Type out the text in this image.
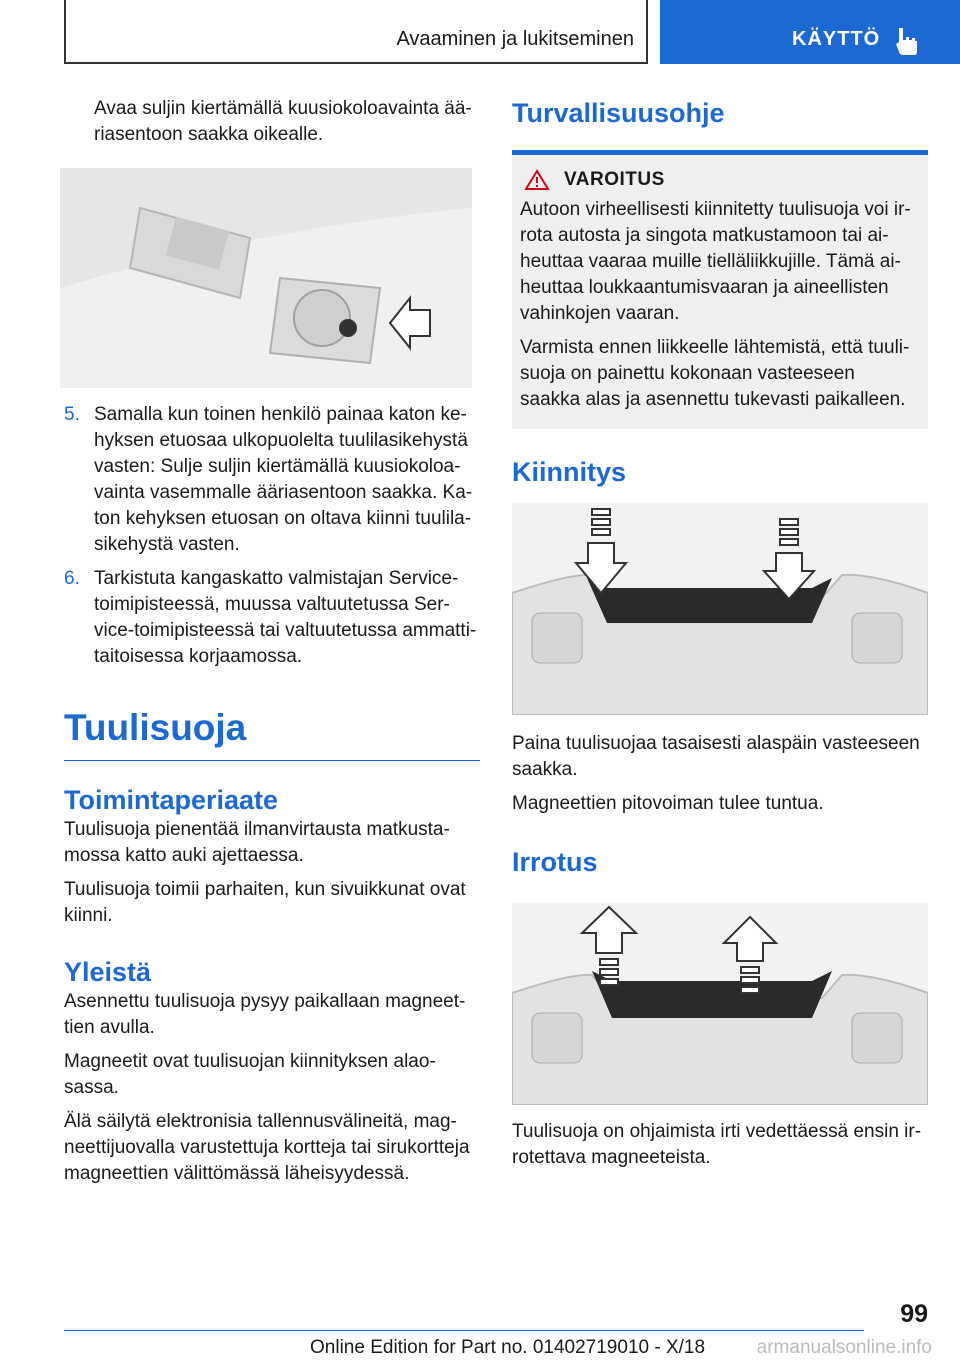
Avaaminen ja lukitseminen	KÄYTTÖ

Avaa suljin kiertämällä kuusiokoloavainta ää-riasentoon saakka oikealle.

5. Samalla kun toinen henkilö painaa katon ke-hyksen etuosaa ulkopuolelta tuulilasikehystä vasten: Sulje suljin kiertämällä kuusiokoloa-vainta vasemmalle ääriasentoon saakka. Ka-ton kehyksen etuosan on oltava kiinni tuulila-sikehystä vasten.
6. Tarkistuta kangaskatto valmistajan Service-toimipisteessä, muussa valtuutetussa Ser-vice-toimipisteessä tai valtuutetussa ammatti-taitoisessa korjaamossa.
Tuulisuoja
Toimintaperiaate

Tuulisuoja pienentää ilmanvirtausta matkusta-mossa katto auki ajettaessa.

Tuulisuoja toimii parhaiten, kun sivuikkunat ovat kiinni.

Yleistä

Asennettu tuulisuoja pysyy paikallaan magneet-tien avulla.

Magneetit ovat tuulisuojan kiinnityksen alao-sassa.

Älä säilytä elektronisia tallennusvälineitä, mag-neettijuovalla varustettuja kortteja tai sirukortteja magneettien välittömässä läheisyydessä.

Turvallisuusohje
VAROITUS

Autoon virheellisesti kiinnitetty tuulisuoja voi ir-rota autosta ja singota matkustamoon tai ai-heuttaa vaaraa muille tielläliikkujille. Tämä ai-heuttaa loukkaantumisvaaran ja aineellisten vahinkojen vaaran.

Varmista ennen liikkeelle lähtemistä, että tuuli-suoja on painettu kokonaan vasteeseen saakka alas ja asennettu tukevasti paikalleen.

Kiinnitys

Paina tuulisuojaa tasaisesti alaspäin vasteeseen saakka.

Magneettien pitovoiman tulee tuntua.

Irrotus

Tuulisuoja on ohjaimista irti vedettäessä ensin ir-rotettava magneeteista.

99
Online Edition for Part no. 01402719010 - X/18	armanualsonline.info
